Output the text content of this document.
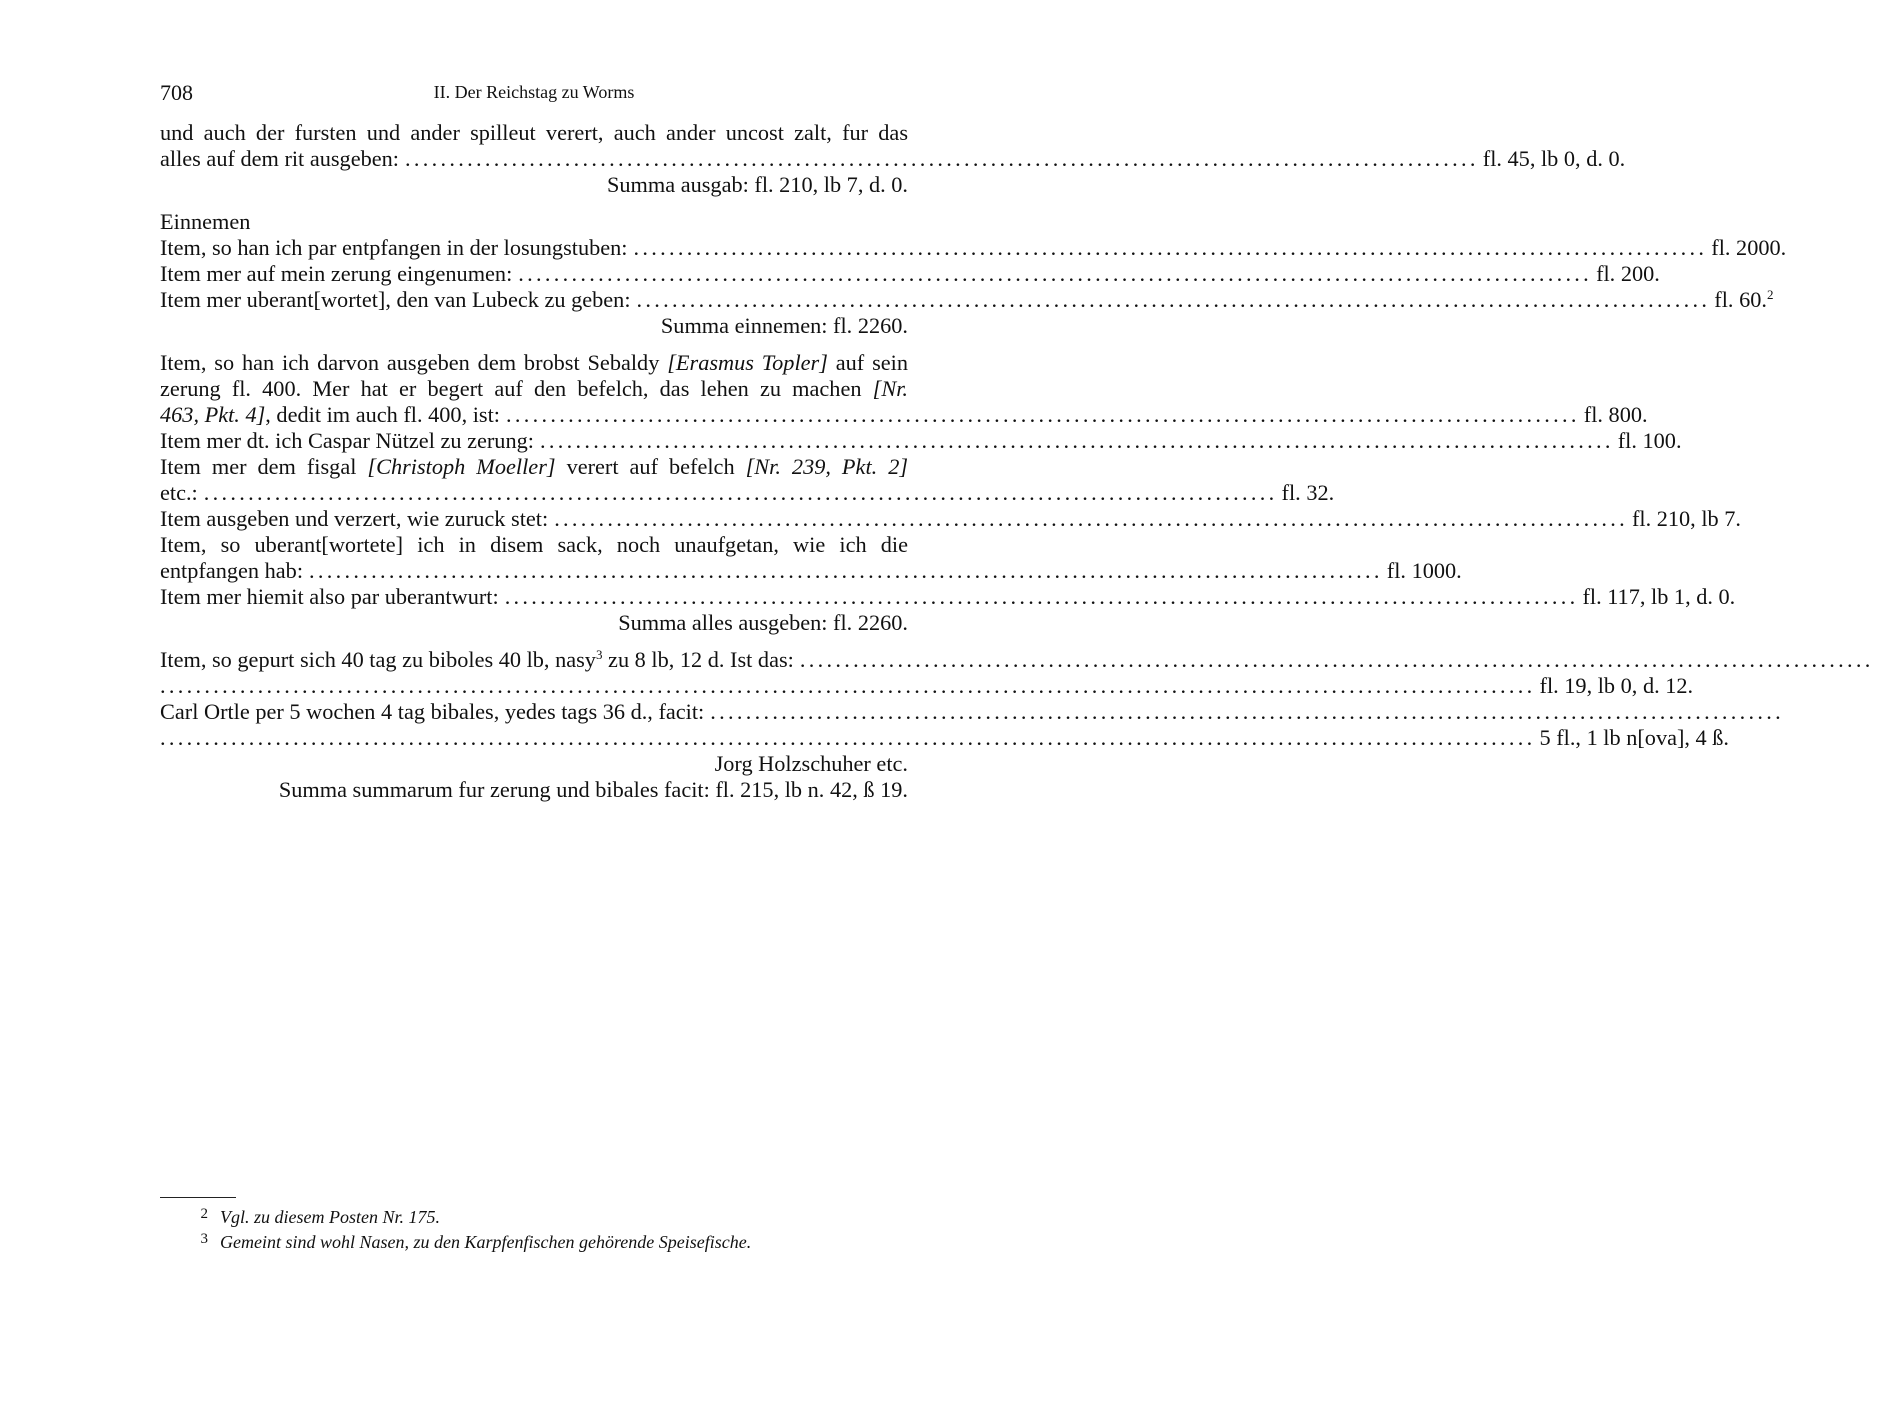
708	II. Der Reichstag zu Worms
und auch der fursten und ander spilleut verert, auch ander uncost zalt, fur das
alles auf dem rit ausgeben: ......................................................................................................................... fl. 45, lb 0, d. 0.
Summa ausgab: fl. 210, lb 7, d. 0.
Einnemen
Item, so han ich par entpfangen in der losungstuben: ......................................................................................................................... fl. 2000.
Item mer auf mein zerung eingenumen: ......................................................................................................................... fl. 200.
Item mer uberant[wortet], den van Lubeck zu geben: ......................................................................................................................... fl. 60.$^2$
Summa einnemen: fl. 2260.
Item, so han ich darvon ausgeben dem brobst Sebaldy [Erasmus Topler] auf sein
zerung fl. 400. Mer hat er begert auf den befelch, das lehen zu machen [Nr.
463, Pkt. 4], dedit im auch fl. 400, ist: ......................................................................................................................... fl. 800.
Item mer dt. ich Caspar Nützel zu zerung: ......................................................................................................................... fl. 100.
Item mer dem fisgal [Christoph Moeller] verert auf befelch [Nr. 239, Pkt. 2]
etc.: ......................................................................................................................... fl. 32.
Item ausgeben und verzert, wie zuruck stet: ......................................................................................................................... fl. 210, lb 7.
Item, so uberant[wortete] ich in disem sack, noch unaufgetan, wie ich die
entpfangen hab: ......................................................................................................................... fl. 1000.
Item mer hiemit also par uberantwurt: ......................................................................................................................... fl. 117, lb 1, d. 0.
Summa alles ausgeben: fl. 2260.
Item, so gepurt sich 40 tag zu biboles 40 lb, nasy$^3$ zu 8 lb, 12 d. Ist das: .........................................................................................................................
........................................................................................................................................................... fl. 19, lb 0, d. 12.
Carl Ortle per 5 wochen 4 tag bibales, yedes tags 36 d., facit: .........................................................................................................................
........................................................................................................................................................... 5 fl., 1 lb n[ova], 4 ß.
Jorg Holzschuher etc.
Summa summarum fur zerung und bibales facit: fl. 215, lb n. 42, ß 19.
2 Vgl. zu diesem Posten Nr. 175.
3 Gemeint sind wohl Nasen, zu den Karpfenfischen gehörende Speisefische.
